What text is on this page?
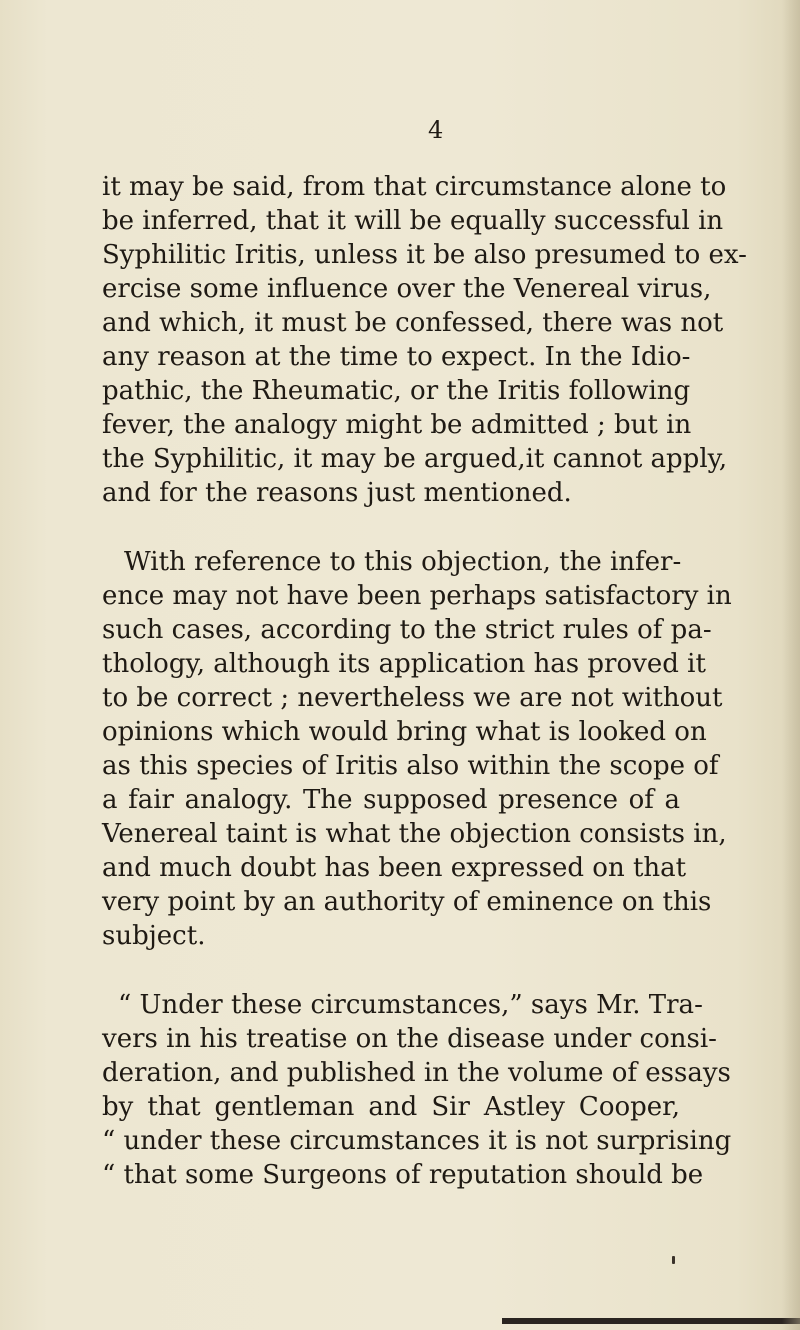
4
it may be said, from that circumstance alone to
be inferred, that it will be equally successful in
Syphilitic Iritis, unless it be also presumed to ex-
ercise some influence over the Venereal virus,
and which, it must be confessed, there was not
any reason at the time to expect. In the Idio-
pathic, the Rheumatic, or the Iritis following
fever, the analogy might be admitted ; but in
the Syphilitic, it may be argued,it cannot apply,
and for the reasons just mentioned.
With reference to this objection, the infer-
ence may not have been perhaps satisfactory in
such cases, according to the strict rules of pa-
thology, although its application has proved it
to be correct ; nevertheless we are not without
opinions which would bring what is looked on
as this species of Iritis also within the scope of
a fair analogy. The supposed presence of a
Venereal taint is what the objection consists in,
and much doubt has been expressed on that
very point by an authority of eminence on this
subject.
“ Under these circumstances,” says Mr. Tra-
vers in his treatise on the disease under consi-
deration, and published in the volume of essays
by that gentleman and Sir Astley Cooper,
“ under these circumstances it is not surprising
“ that some Surgeons of reputation should be
